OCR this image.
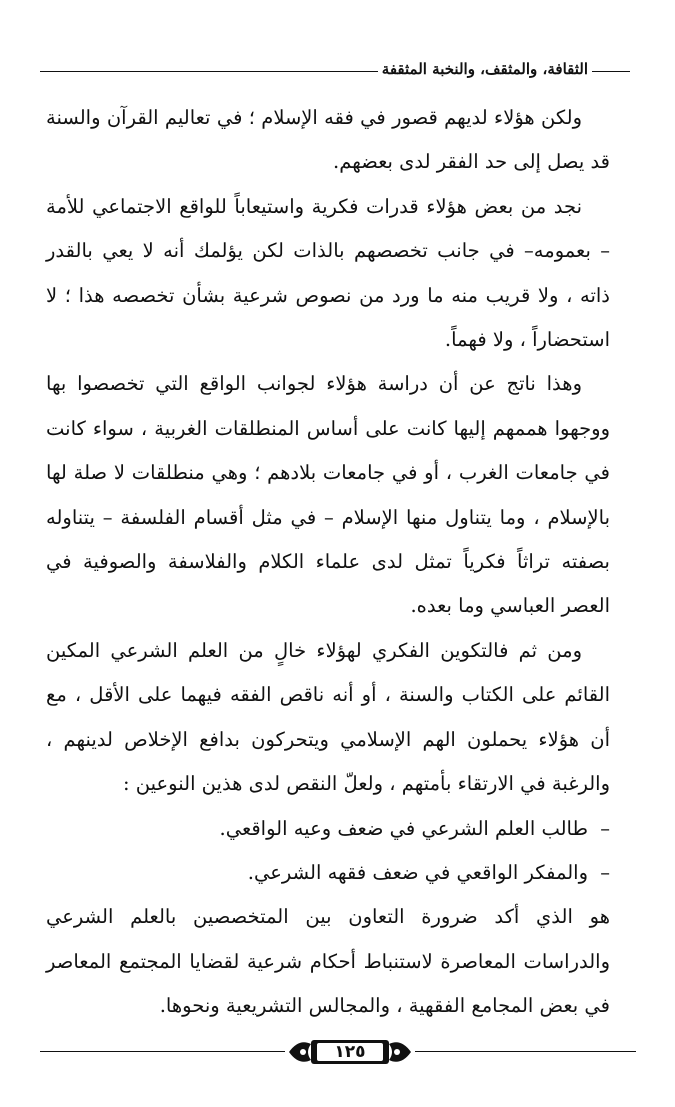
الثقافة، والمثقف، والنخبة المثقفة

ولكن هؤلاء لديهم قصور في فقه الإسلام ؛ في تعاليم القرآن والسنة قد يصل إلى حد الفقر لدى بعضهم.

نجد من بعض هؤلاء قدرات فكرية واستيعاباً للواقع الاجتماعي للأمة – بعمومه– في جانب تخصصهم بالذات لكن يؤلمك أنه لا يعي بالقدر ذاته ، ولا قريب منه ما ورد من نصوص شرعية بشأن تخصصه هذا ؛ لا استحضاراً ، ولا فهماً.

وهذا ناتج عن أن دراسة هؤلاء لجوانب الواقع التي تخصصوا بها ووجهوا هممهم إليها كانت على أساس المنطلقات الغربية ، سواء كانت في جامعات الغرب ، أو في جامعات بلادهم ؛ وهي منطلقات لا صلة لها بالإسلام ، وما يتناول منها الإسلام – في مثل أقسام الفلسفة – يتناوله بصفته تراثاً فكرياً تمثل لدى علماء الكلام والفلاسفة والصوفية في العصر العباسي وما بعده.

ومن ثم فالتكوين الفكري لهؤلاء خالٍ من العلم الشرعي المكين القائم على الكتاب والسنة ، أو أنه ناقص الفقه فيهما على الأقل ، مع أن هؤلاء يحملون الهم الإسلامي ويتحركون بدافع الإخلاص لدينهم ، والرغبة في الارتقاء بأمتهم ، ولعلّ النقص لدى هذين النوعين :

–طالب العلم الشرعي في ضعف وعيه الواقعي.

–والمفكر الواقعي في ضعف فقهه الشرعي.

هو الذي أكد ضرورة التعاون بين المتخصصين بالعلم الشرعي والدراسات المعاصرة لاستنباط أحكام شرعية لقضايا المجتمع المعاصر في بعض المجامع الفقهية ، والمجالس التشريعية ونحوها.

١٢٥
